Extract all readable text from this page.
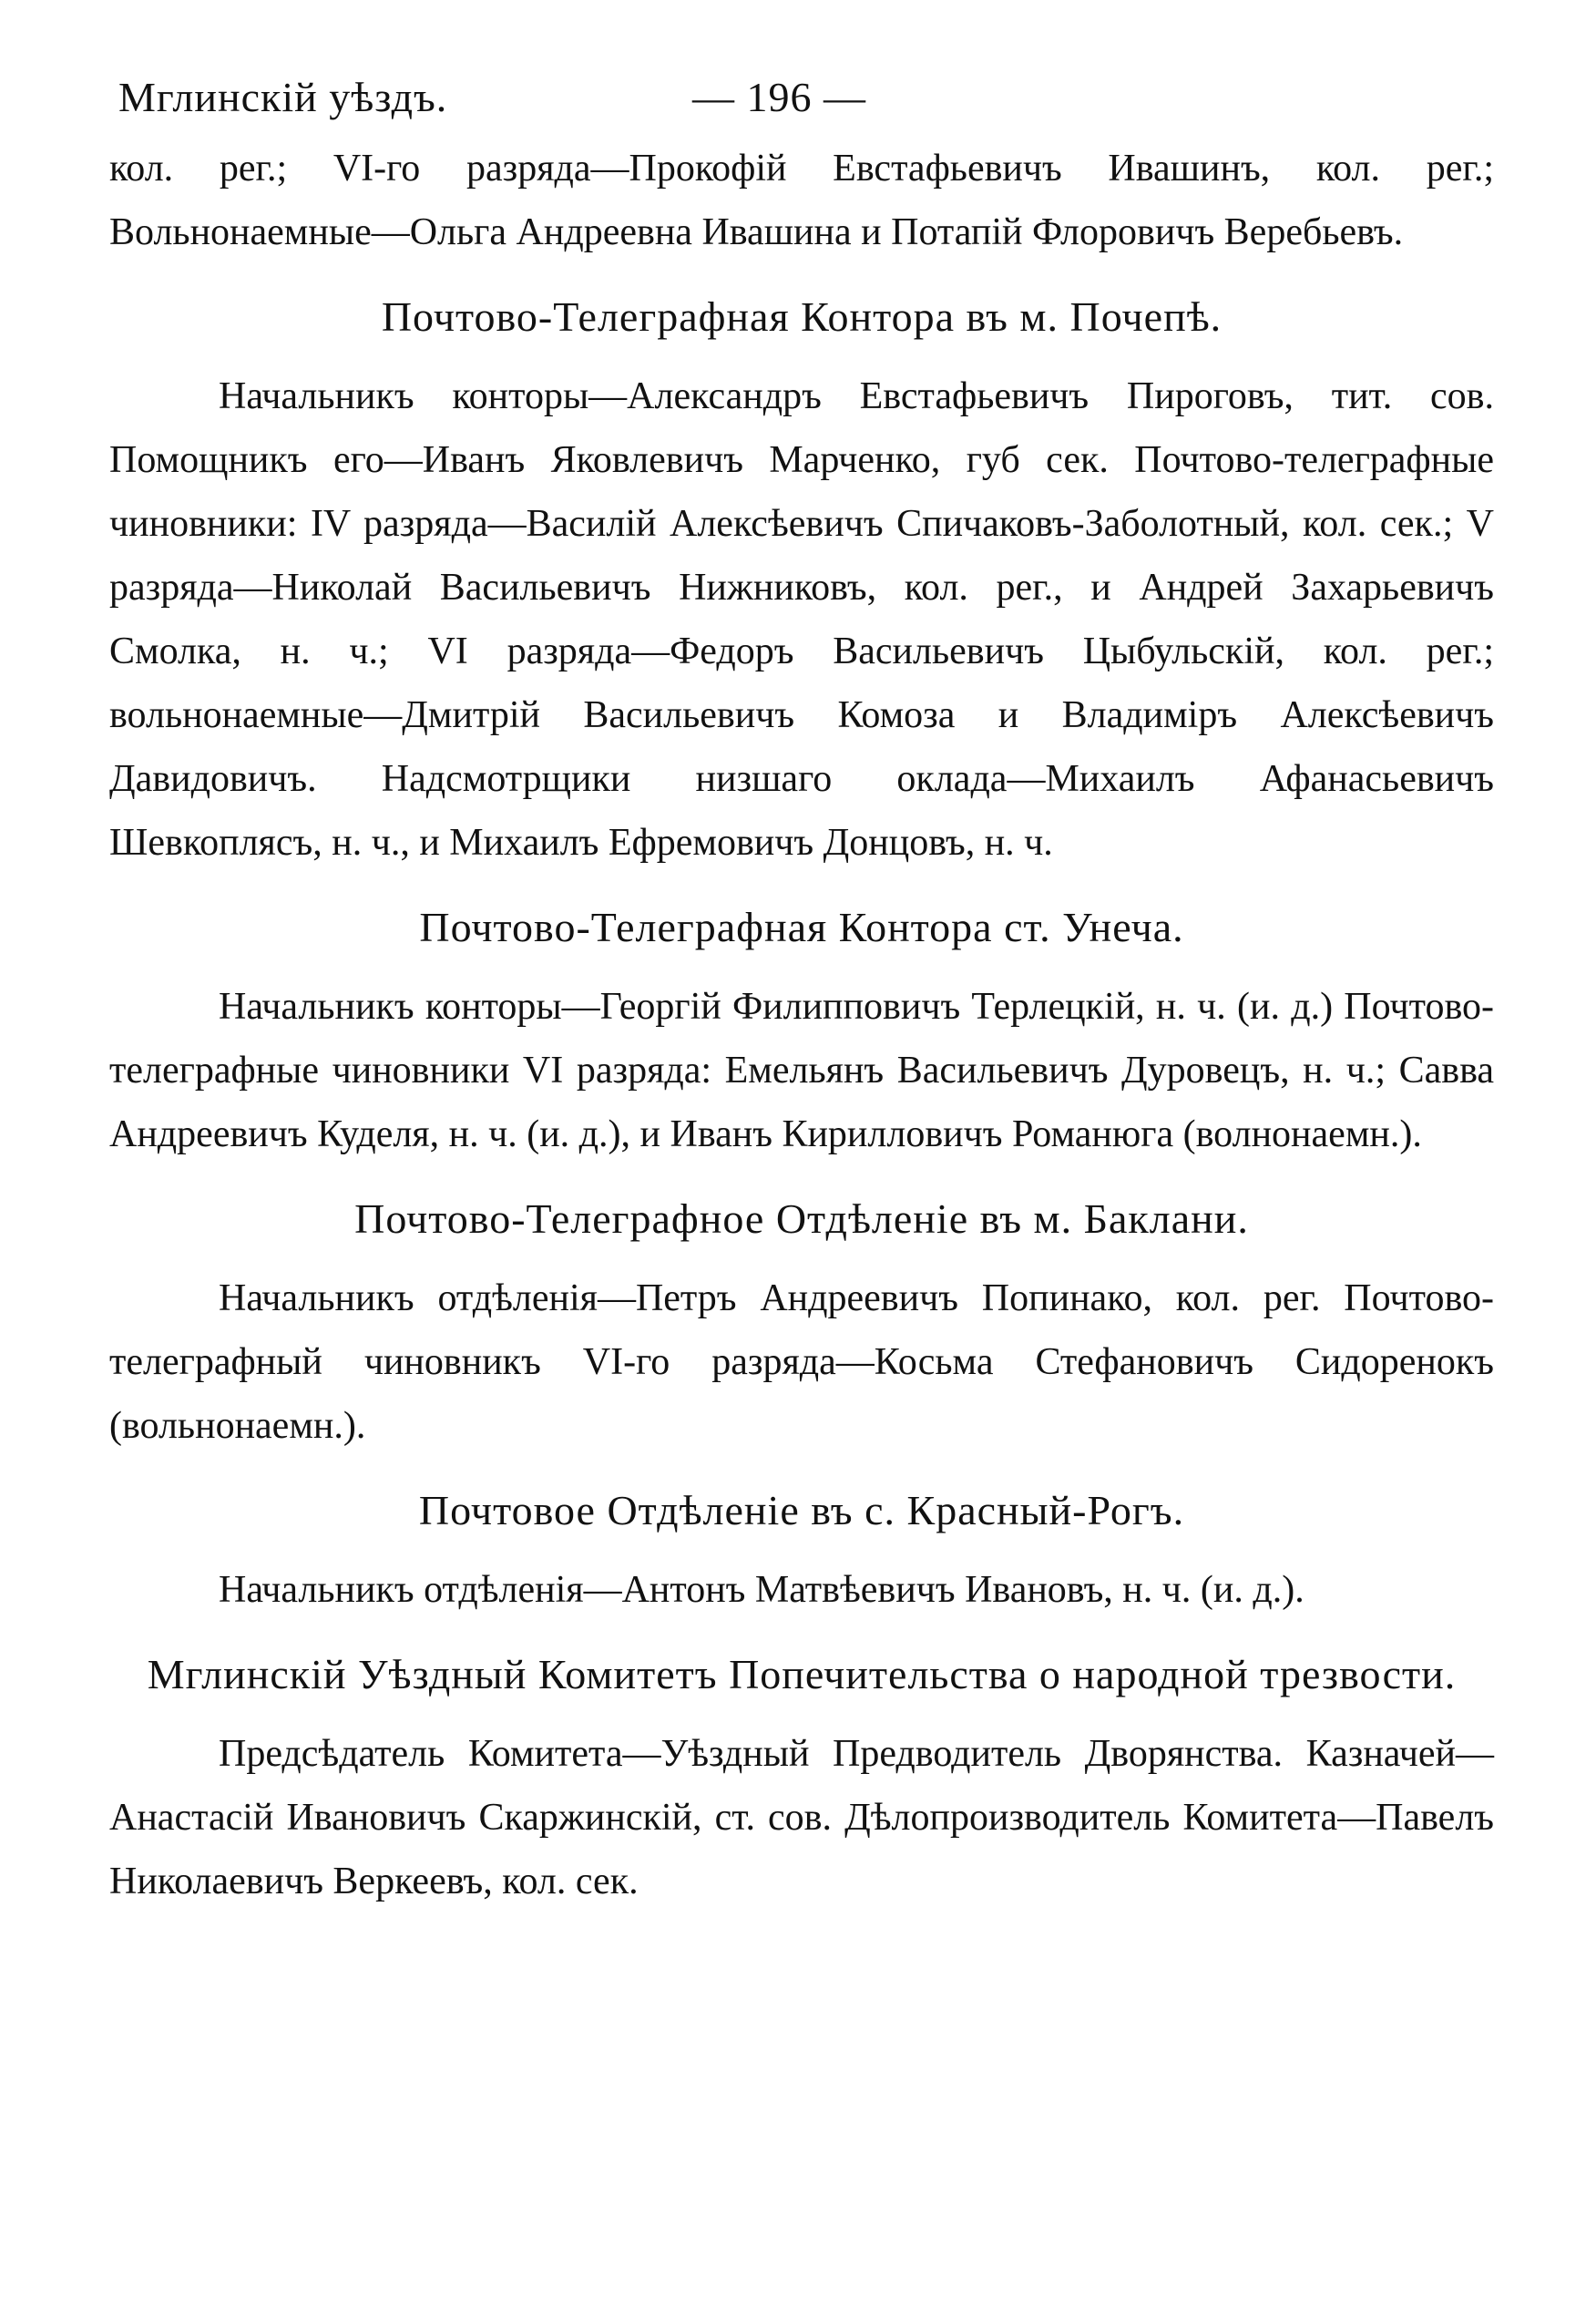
Мглинскій уѣздъ.	— 196 —

кол. рег.; VI-го разряда—Прокофій Евстафьевичъ Ивашинъ, кол. рег.; Вольнонаемные—Ольга Андреевна Ивашина и Потапій Флоровичъ Веребьевъ.

Почтово-Телеграфная Контора въ м. Почепѣ.

Начальникъ конторы—Александръ Евстафьевичъ Пироговъ, тит. сов. Помощникъ его—Иванъ Яковлевичъ Марченко, губ сек. Почтово-телеграфные чиновники: IV разряда—Василій Алексѣевичъ Спичаковъ-Заболотный, кол. сек.; V разряда—Николай Васильевичъ Нижниковъ, кол. рег., и Андрей Захарьевичъ Смолка, н. ч.; VI разряда—Федоръ Васильевичъ Цыбульскій, кол. рег.; вольнонаемные—Дмитрій Васильевичъ Комоза и Владиміръ Алексѣевичъ Давидовичъ. Надсмотрщики низшаго оклада—Михаилъ Афанасьевичъ Шевкоплясъ, н. ч., и Михаилъ Ефремовичъ Донцовъ, н. ч.

Почтово-Телеграфная Контора ст. Унеча.

Начальникъ конторы—Георгій Филипповичъ Терлецкій, н. ч. (и. д.) Почтово-телеграфные чиновники VI разряда: Емельянъ Васильевичъ Дуровецъ, н. ч.; Савва Андреевичъ Куделя, н. ч. (и. д.), и Иванъ Кирилловичъ Романюга (волнонаемн.).

Почтово-Телеграфное Отдѣленіе въ м. Баклани.

Начальникъ отдѣленія—Петръ Андреевичъ Попинако, кол. рег. Почтово-телеграфный чиновникъ VI-го разряда—Косьма Стефановичъ Сидоренокъ (вольнонаемн.).

Почтовое Отдѣленіе въ с. Красный-Рогъ.

Начальникъ отдѣленія—Антонъ Матвѣевичъ Ивановъ, н. ч. (и. д.).

Мглинскій Уѣздный Комитетъ Попечительства о народной трезвости.

Предсѣдатель Комитета—Уѣздный Предводитель Дворянства. Казначей—Анастасій Ивановичъ Скаржинскій, ст. сов. Дѣлопроизводитель Комитета—Павелъ Николаевичъ Веркеевъ, кол. сек.
